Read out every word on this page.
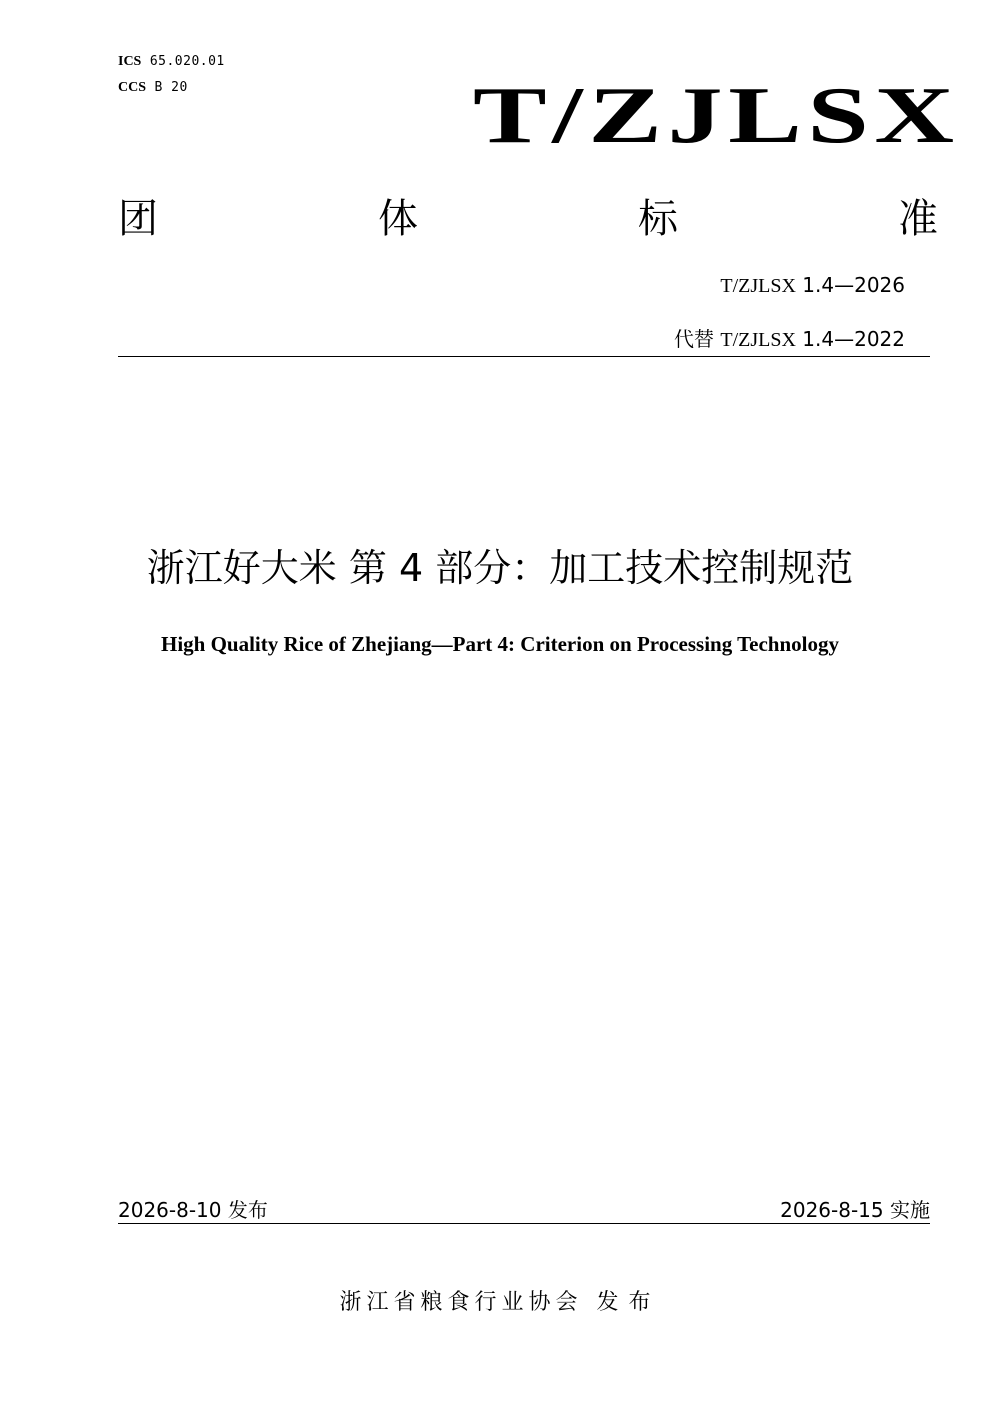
ICS 65.020.01
CCS B 20	T/ZJLSX
团	体	标	准
T/ZJLSX 1.4—2026
代替 T/ZJLSX 1.4—2022
浙江好大米 第 4 部分：加工技术控制规范
High Quality Rice of Zhejiang—Part 4: Criterion on Processing Technology
2026-8-10 发布	2026-8-15 实施
浙江省粮食行业协会 发布
